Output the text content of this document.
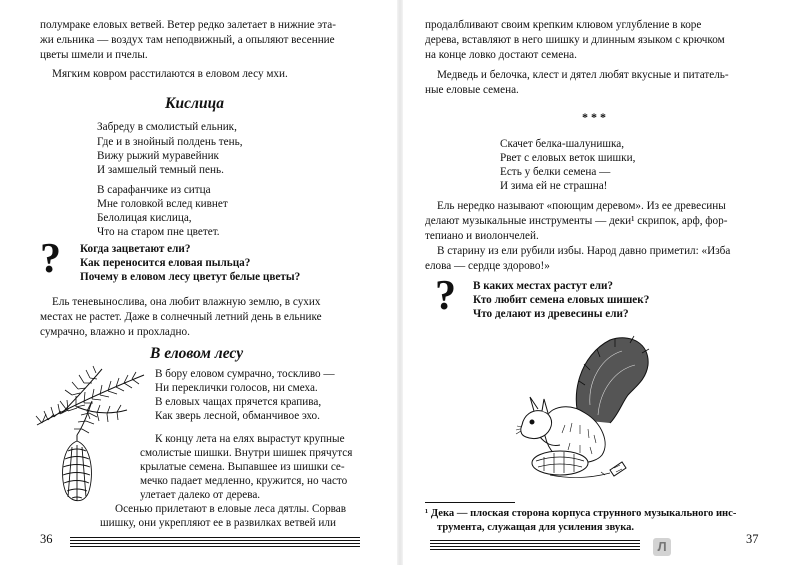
полумраке еловых ветвей. Ветер редко залетает в нижние эта-
жи ельника — воздух там неподвижный, а опыляют весенние
цветы шмели и пчелы.
Мягким ковром расстилаются в еловом лесу мхи.
Кислица
Забреду в смолистый ельник,
Где и в знойный полдень тень,
Вижу рыжий муравейник
И замшелый темный пень.
В сарафанчике из ситца
Мне головкой вслед кивнет
Белолицая кислица,
Что на старом пне цветет.
? Когда зацветают ели?
Как переносится еловая пыльца?
Почему в еловом лесу цветут белые цветы?
Ель теневынослива, она любит влажную землю, в сухих
местах не растет. Даже в солнечный летний день в ельнике
сумрачно, влажно и прохладно.
В еловом лесу
В бору еловом сумрачно, тоскливо —
Ни переклички голосов, ни смеха.
В еловых чащах прячется крапива,
Как зверь лесной, обманчивое эхо.
К концу лета на елях вырастут крупные
смолистые шишки. Внутри шишек прячутся
крылатые семена. Выпавшее из шишки се-
мечко падает медленно, кружится, но часто
улетает далеко от дерева.
Осенью прилетают в еловые леса дятлы. Сорвав
шишку, они укрепляют ее в развилках ветвей или
36
продалбливают своим крепким клювом углубление в коре
дерева, вставляют в него шишку и длинным языком с крючком
на конце ловко достают семена.
Медведь и белочка, клест и дятел любят вкусные и питатель-
ные еловые семена.
***
Скачет белка-шалунишка,
Рвет с еловых веток шишки,
Есть у белки семена —
И зима ей не страшна!
Ель нередко называют «поющим деревом». Из ее древесины
делают музыкальные инструменты — деки¹ скрипок, арф, фор-
тепиано и виолончелей.
В старину из ели рубили избы. Народ давно приметил: «Изба
елова — сердце здорово!»
? В каких местах растут ели?
Кто любит семена еловых шишек?
Что делают из древесины ели?
¹ Дека — плоская сторона корпуса струнного музыкального инс-
трумента, служащая для усиления звука.
Л	37
